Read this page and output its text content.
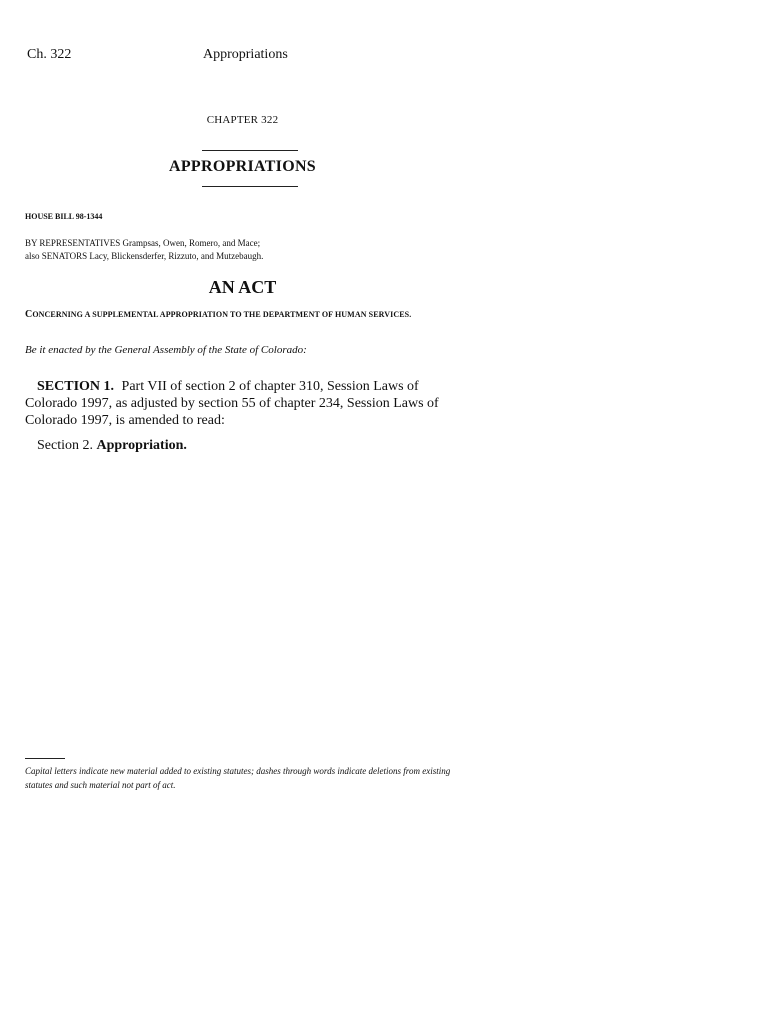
Ch. 322	Appropriations
CHAPTER 322
APPROPRIATIONS
HOUSE BILL 98-1344
BY REPRESENTATIVES Grampsas, Owen, Romero, and Mace;
also SENATORS Lacy, Blickensderfer, Rizzuto, and Mutzebaugh.
AN ACT
CONCERNING A SUPPLEMENTAL APPROPRIATION TO THE DEPARTMENT OF HUMAN SERVICES.
Be it enacted by the General Assembly of the State of Colorado:
SECTION 1. Part VII of section 2 of chapter 310, Session Laws of Colorado 1997, as adjusted by section 55 of chapter 234, Session Laws of Colorado 1997, is amended to read:
Section 2. Appropriation.
Capital letters indicate new material added to existing statutes; dashes through words indicate deletions from existing statutes and such material not part of act.
